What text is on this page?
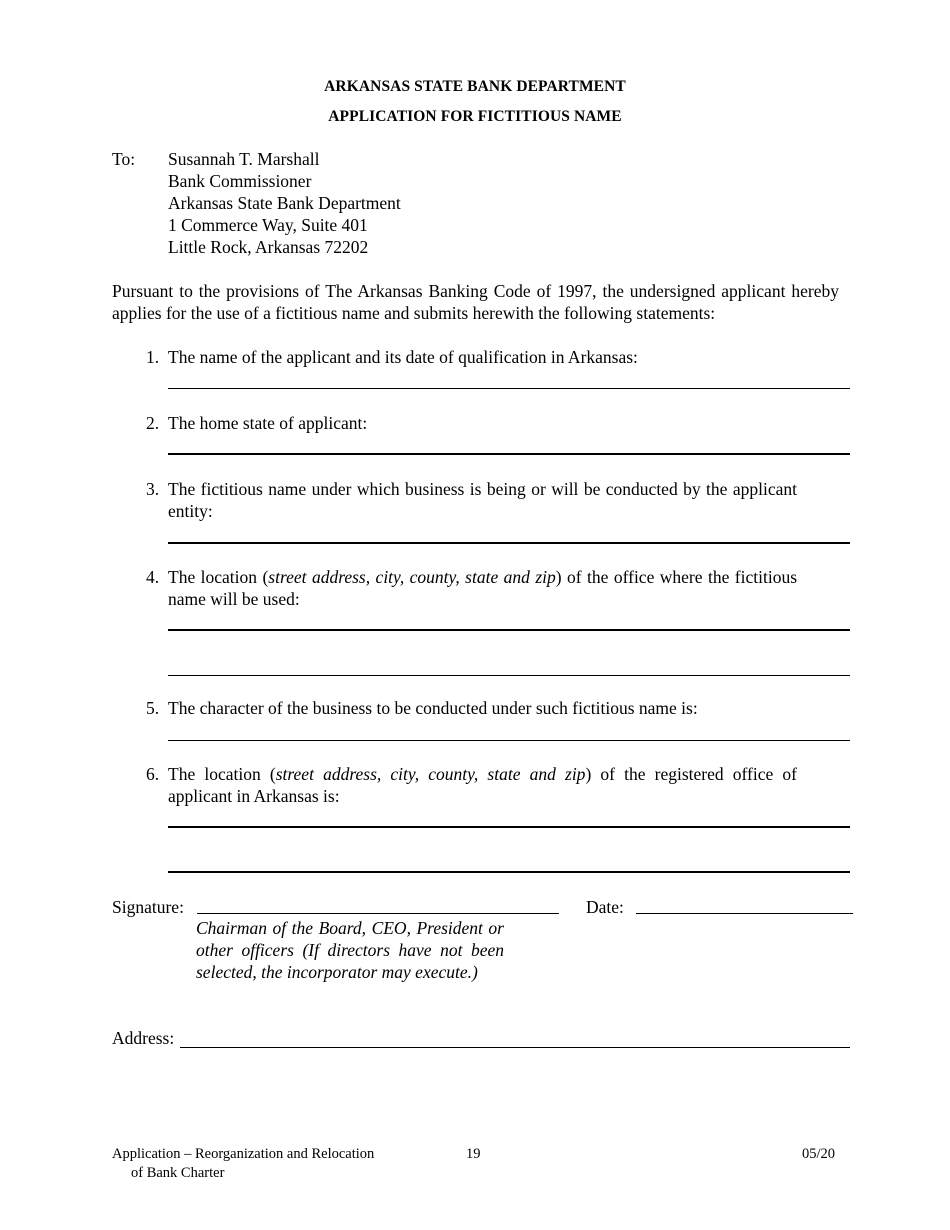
ARKANSAS STATE BANK DEPARTMENT
APPLICATION FOR FICTITIOUS NAME
To: Susannah T. Marshall
Bank Commissioner
Arkansas State Bank Department
1 Commerce Way, Suite 401
Little Rock, Arkansas 72202
Pursuant to the provisions of The Arkansas Banking Code of 1997, the undersigned applicant hereby applies for the use of a fictitious name and submits herewith the following statements:
1. The name of the applicant and its date of qualification in Arkansas:
2. The home state of applicant:
3. The fictitious name under which business is being or will be conducted by the applicant entity:
4. The location (street address, city, county, state and zip) of the office where the fictitious name will be used:
5. The character of the business to be conducted under such fictitious name is:
6. The location (street address, city, county, state and zip) of the registered office of applicant in Arkansas is:
Signature:
Chairman of the Board, CEO, President or other officers (If directors have not been selected, the incorporator may execute.)
Date:
Address:
Application – Reorganization and Relocation
of Bank Charter
19	05/20
